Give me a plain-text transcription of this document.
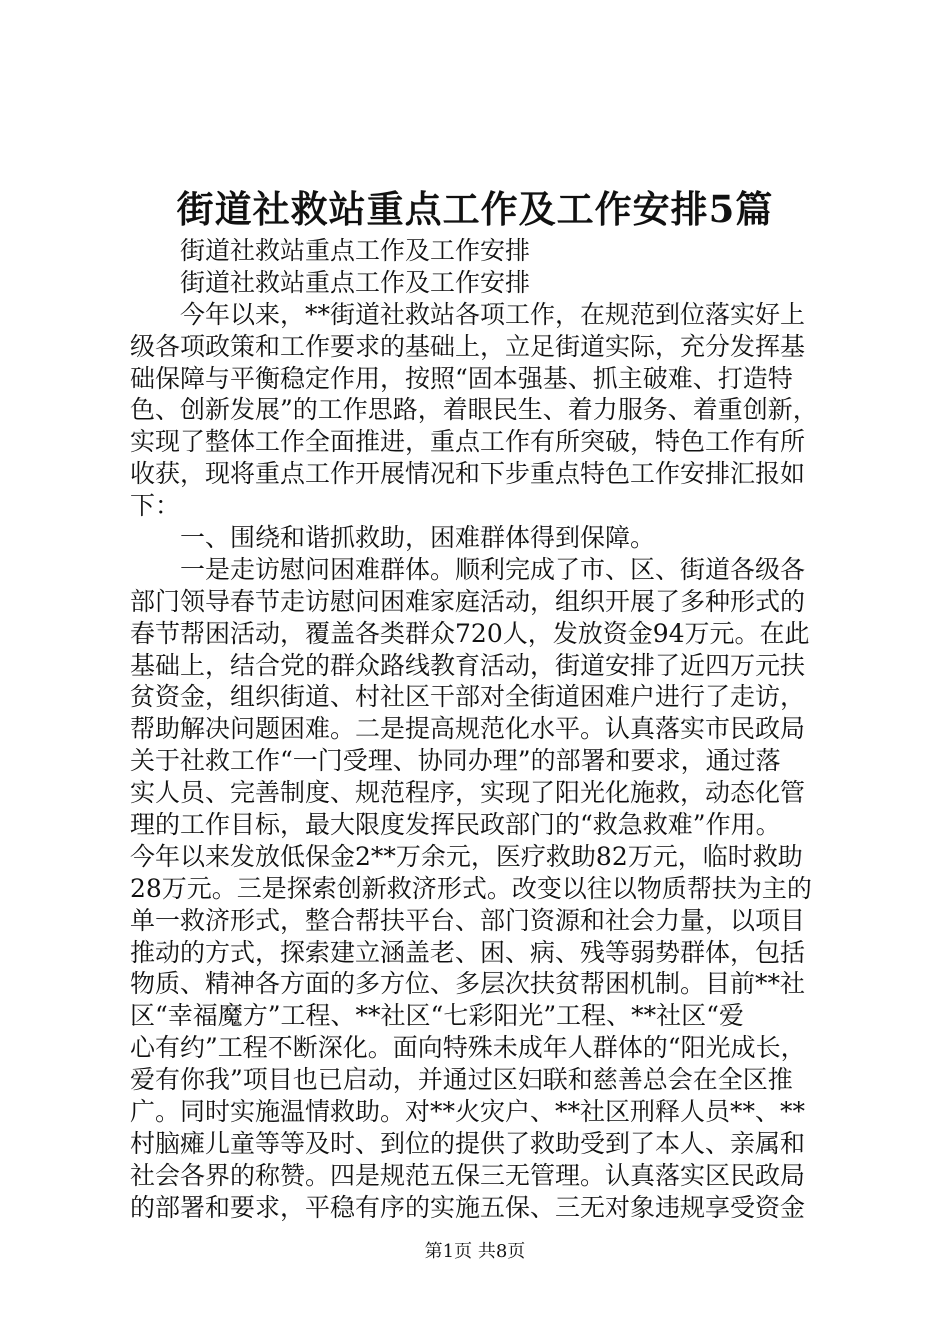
街道社救站重点工作及工作安排5篇
街道社救站重点工作及工作安排
街道社救站重点工作及工作安排
今年以来，**街道社救站各项工作，在规范到位落实好上
级各项政策和工作要求的基础上，立足街道实际，充分发挥基
础保障与平衡稳定作用，按照“固本强基、抓主破难、打造特
色、创新发展”的工作思路，着眼民生、着力服务、着重创新，
实现了整体工作全面推进，重点工作有所突破，特色工作有所
收获，现将重点工作开展情况和下步重点特色工作安排汇报如
下：
一、围绕和谐抓救助，困难群体得到保障。
一是走访慰问困难群体。顺利完成了市、区、街道各级各
部门领导春节走访慰问困难家庭活动，组织开展了多种形式的
春节帮困活动，覆盖各类群众720人，发放资金94万元。在此
基础上，结合党的群众路线教育活动，街道安排了近四万元扶
贫资金，组织街道、村社区干部对全街道困难户进行了走访，
帮助解决问题困难。二是提高规范化水平。认真落实市民政局
关于社救工作“一门受理、协同办理”的部署和要求，通过落
实人员、完善制度、规范程序，实现了阳光化施救，动态化管
理的工作目标，最大限度发挥民政部门的“救急救难”作用。
今年以来发放低保金2**万余元，医疗救助82万元，临时救助
28万元。三是探索创新救济形式。改变以往以物质帮扶为主的
单一救济形式，整合帮扶平台、部门资源和社会力量，以项目
推动的方式，探索建立涵盖老、困、病、残等弱势群体，包括
物质、精神各方面的多方位、多层次扶贫帮困机制。目前**社
区“幸福魔方”工程、**社区“七彩阳光”工程、**社区“爱
心有约”工程不断深化。面向特殊未成年人群体的“阳光成长，
爱有你我”项目也已启动，并通过区妇联和慈善总会在全区推
广。同时实施温情救助。对**火灾户、**社区刑释人员**、**
村脑瘫儿童等等及时、到位的提供了救助受到了本人、亲属和
社会各界的称赞。四是规范五保三无管理。认真落实区民政局
的部署和要求，平稳有序的实施五保、三无对象违规享受资金
第1页 共8页
